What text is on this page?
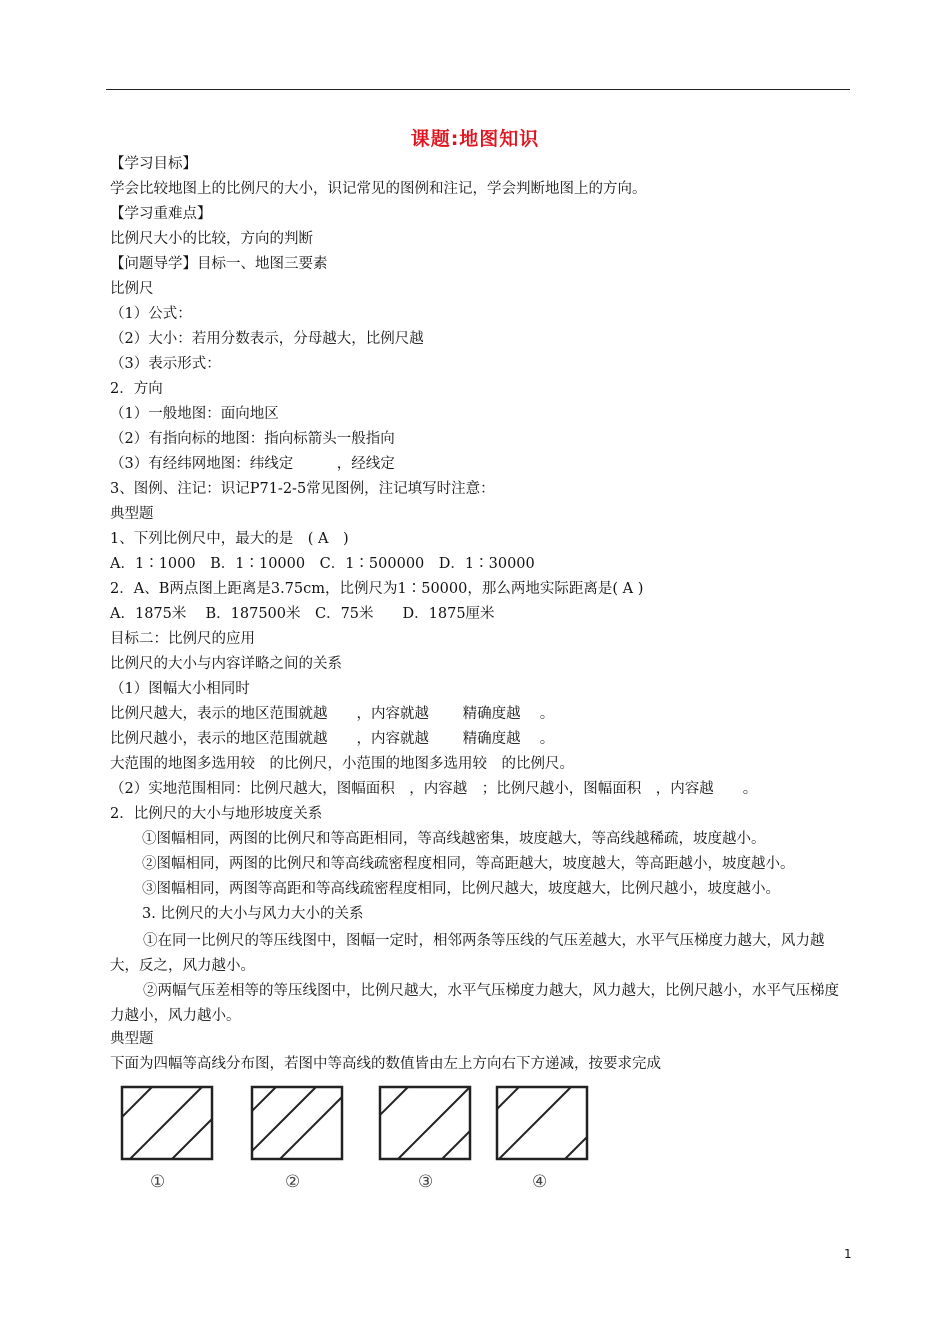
课题:地图知识
【学习目标】
学会比较地图上的比例尺的大小，识记常见的图例和注记，学会判断地图上的方向。
【学习重难点】
比例尺大小的比较，方向的判断
【问题导学】目标一、地图三要素
比例尺
（1）公式：
（2）大小：若用分数表示，分母越大，比例尺越
（3）表示形式：
2．方向
（1）一般地图：面向地区
（2）有指向标的地图：指向标箭头一般指向
（3）有经纬网地图：纬线定　　　，经线定
3、图例、注记：识记P71-2-5常见图例，注记填写时注意：
典型题
1、下列比例尺中，最大的是　( A　)
A．1∶1000　B．1∶10000　C．1∶500000　D．1∶30000
2．A、B两点图上距离是3.75cm，比例尺为1∶50000，那么两地实际距离是( A )
A．1875米　 B．187500米　C．75米　　D．1875厘米
目标二：比例尺的应用
比例尺的大小与内容详略之间的关系
（1）图幅大小相同时
比例尺越大，表示的地区范围就越　　，内容就越　　 精确度越　 。
比例尺越小，表示的地区范围就越　　，内容就越　　 精确度越　 。
大范围的地图多选用较　的比例尺，小范围的地图多选用较　的比例尺。
（2）实地范围相同：比例尺越大，图幅面积　，内容越　；比例尺越小，图幅面积　，内容越　　。
2．比例尺的大小与地形坡度关系
①图幅相同，两图的比例尺和等高距相同，等高线越密集，坡度越大，等高线越稀疏，坡度越小。
②图幅相同，两图的比例尺和等高线疏密程度相同，等高距越大，坡度越大，等高距越小，坡度越小。
③图幅相同，两图等高距和等高线疏密程度相同，比例尺越大，坡度越大，比例尺越小，坡度越小。
3. 比例尺的大小与风力大小的关系
①在同一比例尺的等压线图中，图幅一定时，相邻两条等压线的气压差越大，水平气压梯度力越大，风力越大，反之，风力越小。
②两幅气压差相等的等压线图中，比例尺越大，水平气压梯度力越大，风力越大，比例尺越小，水平气压梯度力越小，风力越小。
典型题
下面为四幅等高线分布图，若图中等高线的数值皆由左上方向右下方递减，按要求完成
①	②	③	④
1
